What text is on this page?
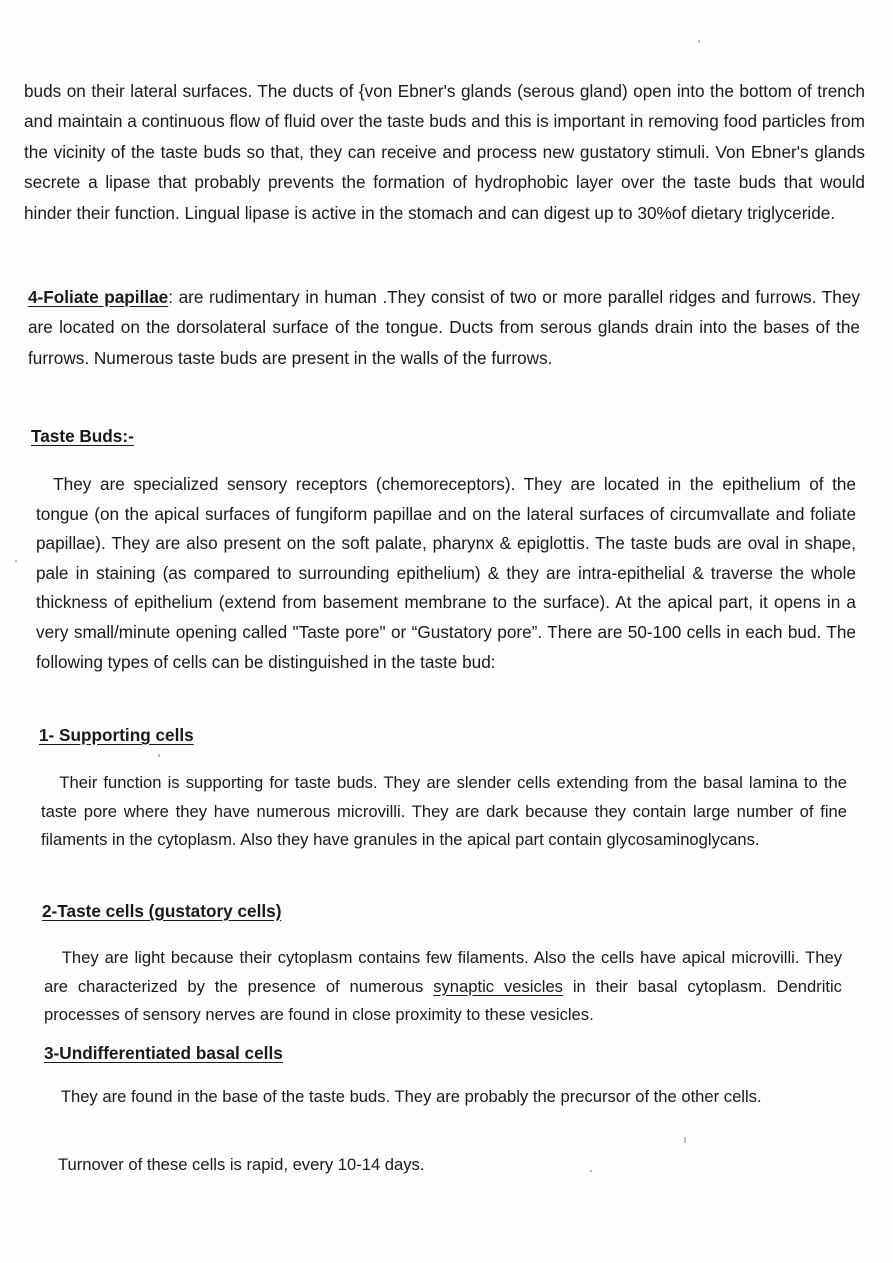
buds on their lateral surfaces. The ducts of {von Ebner's glands (serous gland) open into the bottom of trench and maintain a continuous flow of fluid over the taste buds and this is important in removing food particles from the vicinity of the taste buds so that, they can receive and process new gustatory stimuli. Von Ebner's glands secrete a lipase that probably prevents the formation of hydrophobic layer over the taste buds that would hinder their function. Lingual lipase is active in the stomach and can digest up to 30%of dietary triglyceride.

4-Foliate papillae: are rudimentary in human .They consist of two or more parallel ridges and furrows. They are located on the dorsolateral surface of the tongue. Ducts from serous glands drain into the bases of the furrows. Numerous taste buds are present in the walls of the furrows.

Taste Buds:-

They are specialized sensory receptors (chemoreceptors). They are located in the epithelium of the tongue (on the apical surfaces of fungiform papillae and on the lateral surfaces of circumvallate and foliate papillae). They are also present on the soft palate, pharynx & epiglottis. The taste buds are oval in shape, pale in staining (as compared to surrounding epithelium) & they are intra-epithelial & traverse the whole thickness of epithelium (extend from basement membrane to the surface). At the apical part, it opens in a very small/minute opening called "Taste pore" or “Gustatory pore”. There are 50-100 cells in each bud. The following types of cells can be distinguished in the taste bud:

1- Supporting cells

Their function is supporting for taste buds. They are slender cells extending from the basal lamina to the taste pore where they have numerous microvilli. They are dark because they contain large number of fine filaments in the cytoplasm. Also they have granules in the apical part contain glycosaminoglycans.

2-Taste cells (gustatory cells)

They are light because their cytoplasm contains few filaments. Also the cells have apical microvilli. They are characterized by the presence of numerous synaptic vesicles in their basal cytoplasm. Dendritic processes of sensory nerves are found in close proximity to these vesicles.

3-Undifferentiated basal cells

They are found in the base of the taste buds. They are probably the precursor of the other cells.

Turnover of these cells is rapid, every 10-14 days.
